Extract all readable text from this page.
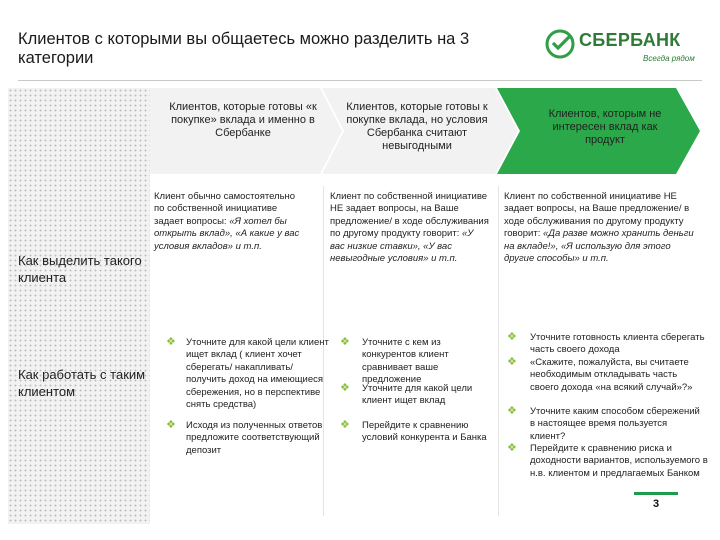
Клиентов с которыми вы общаетесь можно разделить на 3 категории
СБЕРБАНК
Всегда рядом
Как выделить такого клиента
Как работать с таким клиентом
Клиентов, которые готовы «к покупке» вклада и именно в Сбербанке
Клиентов, которые готовы к покупке вклада, но условия Сбербанка считают невыгодными
Клиентов, которым не интересен вклад как продукт
Клиент обычно самостоятельно по собственной инициативе задает вопросы: «Я хотел бы открыть вклад», «А какие у вас условия вкладов» и т.п.
Клиент по собственной инициативе НЕ задает вопросы, на Ваше предложение/ в ходе обслуживания по другому продукту говорит: «У вас низкие ставки», «У вас невыгодные условия» и т.п.
Клиент по собственной инициативе НЕ задает вопросы, на Ваше предложение/ в ходе обслуживания по другому продукту говорит: «Да разве можно хранить деньги на вкладе!», «Я использую для этого другие способы» и т.п.
❖ Уточните для какой цели клиент ищет вклад ( клиент хочет сберегать/ накапливать/ получить доход на имеющиеся сбережения, но в перспективе снять средства)
❖ Исходя из полученных ответов предложите соответствующий депозит
❖ Уточните с кем из конкурентов клиент сравнивает ваше предложение
❖ Уточните для какой цели клиент ищет вклад
❖ Перейдите к сравнению условий конкурента и Банка
❖ Уточните готовность клиента сберегать часть своего дохода
❖ «Скажите, пожалуйста, вы считаете необходимым откладывать часть своего дохода «на всякий случай»?»
❖ Уточните каким способом сбережений в настоящее время пользуется клиент?
❖ Перейдите к сравнению риска и доходности вариантов, используемого в н.в. клиентом и предлагаемых Банком
3
